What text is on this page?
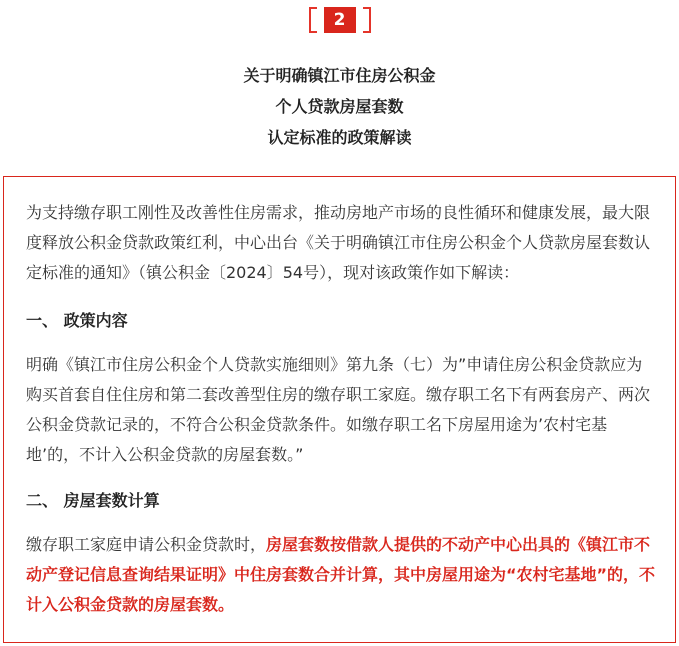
2
关于明确镇江市住房公积金
个人贷款房屋套数
认定标准的政策解读

为支持缴存职工刚性及改善性住房需求，推动房地产市场的良性循环和健康发展，最大限度释放公积金贷款政策红利，中心出台《关于明确镇江市住房公积金个人贷款房屋套数认定标准的通知》（镇公积金〔2024〕54号），现对该政策作如下解读：

一、 政策内容

明确《镇江市住房公积金个人贷款实施细则》第九条（七）为”申请住房公积金贷款应为购买首套自住住房和第二套改善型住房的缴存职工家庭。缴存职工名下有两套房产、两次公积金贷款记录的，不符合公积金贷款条件。如缴存职工名下房屋用途为’农村宅基地’的，不计入公积金贷款的房屋套数。”

二、 房屋套数计算

缴存职工家庭申请公积金贷款时，房屋套数按借款人提供的不动产中心出具的《镇江市不动产登记信息查询结果证明》中住房套数合并计算，其中房屋用途为“农村宅基地”的，不计入公积金贷款的房屋套数。
